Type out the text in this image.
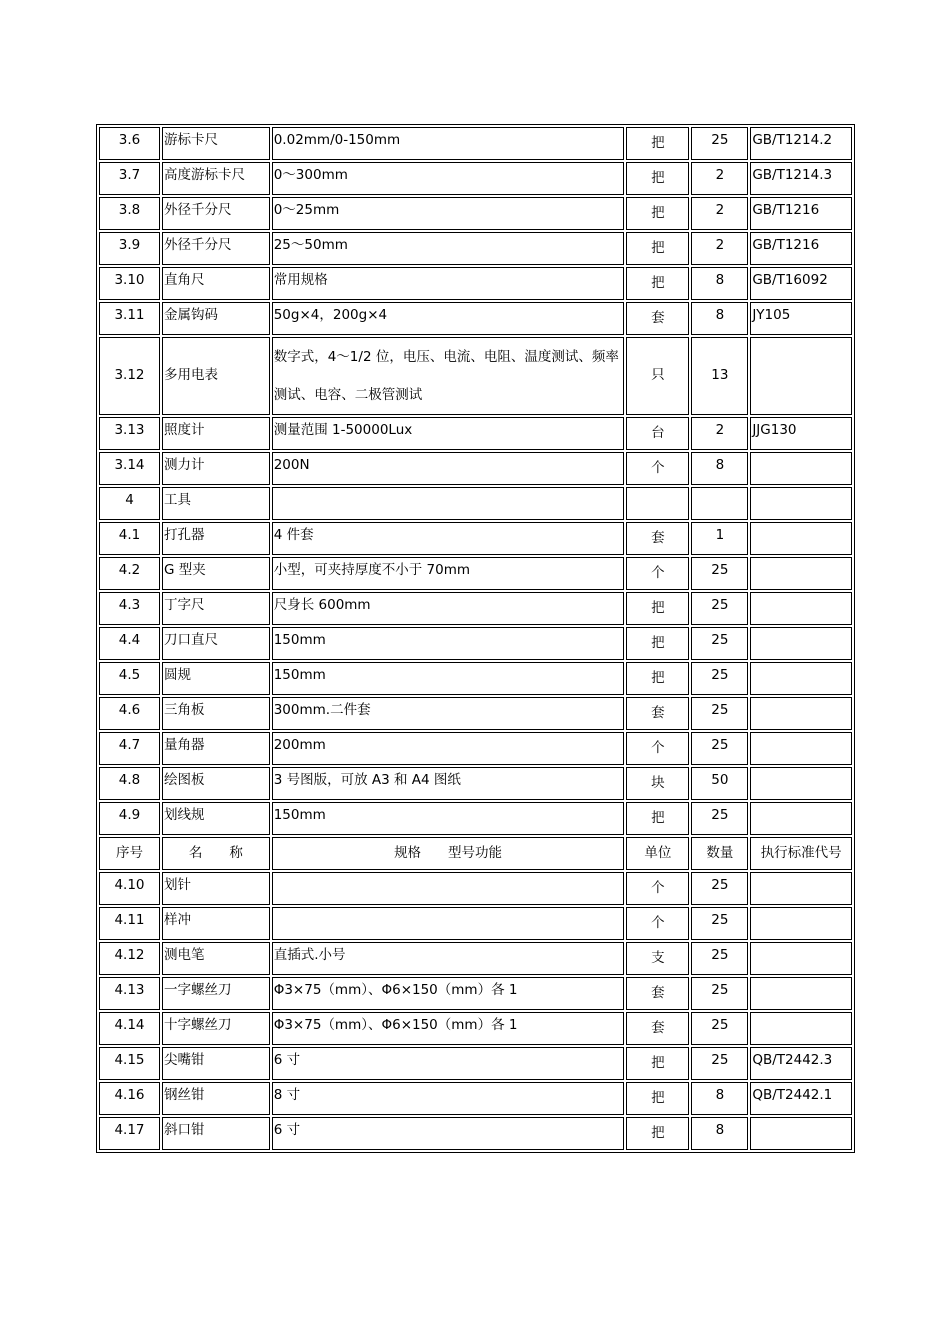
3.6	游标卡尺	0.02mm/0-150mm	把	25	GB/T1214.2
3.7	高度游标卡尺	0～300mm	把	2	GB/T1214.3
3.8	外径千分尺	0～25mm	把	2	GB/T1216
3.9	外径千分尺	25～50mm	把	2	GB/T1216
3.10	直角尺	常用规格	把	8	GB/T16092
3.11	金属钩码	50g×4，200g×4	套	8	JY105
3.12	多用电表	数字式，4～1/2 位，电压、电流、电阻、温度测试、频率测试、电容、二极管测试	只	13	
3.13	照度计	测量范围 1-50000Lux	台	2	JJG130
3.14	测力计	200N	个	8	
4	工具				
4.1	打孔器	4 件套	套	1	
4.2	G 型夹	小型，可夹持厚度不小于 70mm	个	25	
4.3	丁字尺	尺身长 600mm	把	25	
4.4	刀口直尺	150mm	把	25	
4.5	圆规	150mm	把	25	
4.6	三角板	300mm.二件套	套	25	
4.7	量角器	200mm	个	25	
4.8	绘图板	3 号图版，可放 A3 和 A4 图纸	块	50	
4.9	划线规	150mm	把	25	
序号	名　　称	规格　　型号功能	单位	数量	执行标准代号
4.10	划针		个	25	
4.11	样冲		个	25	
4.12	测电笔	直插式.小号	支	25	
4.13	一字螺丝刀	Φ3×75（mm）、Φ6×150（mm）各 1	套	25	
4.14	十字螺丝刀	Φ3×75（mm）、Φ6×150（mm）各 1	套	25	
4.15	尖嘴钳	6 寸	把	25	QB/T2442.3
4.16	钢丝钳	8 寸	把	8	QB/T2442.1
4.17	斜口钳	6 寸	把	8	
